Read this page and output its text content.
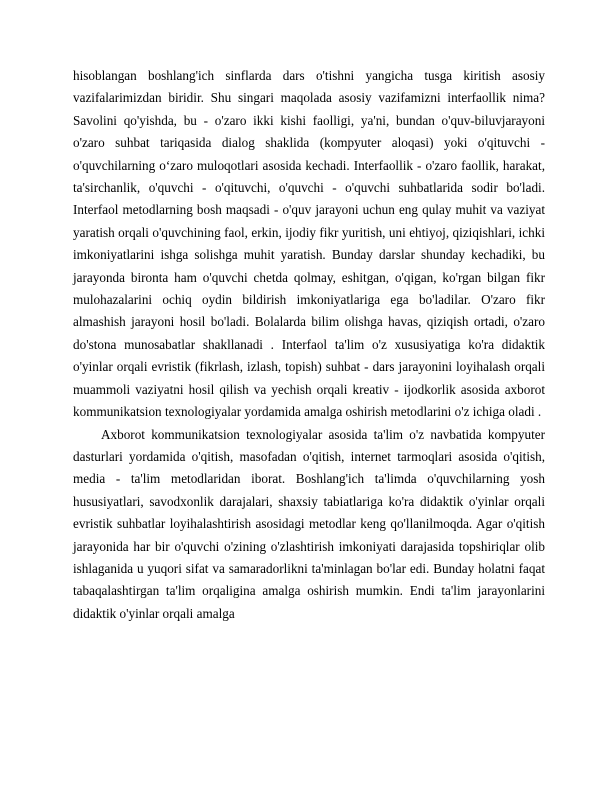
hisoblangan boshlang'ich sinflarda dars o'tishni yangicha tusga kiritish asosiy vazifalarimizdan biridir. Shu singari maqolada asosiy vazifamizni interfaollik nima? Savolini qo'yishda, bu - o'zaro ikki kishi faolligi, ya'ni, bundan o'quv-biluvjarayoni o'zaro suhbat tariqasida dialog shaklida (kompyuter aloqasi) yoki o'qituvchi - o'quvchilarning o‘zaro muloqotlari asosida kechadi. Interfaollik - o'zaro faollik, harakat, ta'sirchanlik, o'quvchi - o'qituvchi, o'quvchi - o'quvchi suhbatlarida sodir bo'ladi. Interfaol metodlarning bosh maqsadi - o'quv jarayoni uchun eng qulay muhit va vaziyat yaratish orqali o'quvchining faol, erkin, ijodiy fikr yuritish, uni ehtiyoj, qiziqishlari, ichki imkoniyatlarini ishga solishga muhit yaratish. Bunday darslar shunday kechadiki, bu jarayonda bironta ham o'quvchi chetda qolmay, eshitgan, o'qigan, ko'rgan bilgan fikr mulohazalarini ochiq oydin bildirish imkoniyatlariga ega bo'ladilar. O'zaro fikr almashish jarayoni hosil bo'ladi. Bolalarda bilim olishga havas, qiziqish ortadi, o'zaro do'stona munosabatlar shakllanadi . Interfaol ta'lim o'z xususiyatiga ko'ra didaktik o'yinlar orqali evristik (fikrlash, izlash, topish) suhbat - dars jarayonini loyihalash orqali muammoli vaziyatni hosil qilish va yechish orqali kreativ - ijodkorlik asosida axborot kommunikatsion texnologiyalar yordamida amalga oshirish metodlarini o'z ichiga oladi .

Axborot kommunikatsion texnologiyalar asosida ta'lim o'z navbatida kompyuter dasturlari yordamida o'qitish, masofadan o'qitish, internet tarmoqlari asosida o'qitish, media - ta'lim metodlaridan iborat. Boshlang'ich ta'limda o'quvchilarning yosh hususiyatlari, savodxonlik darajalari, shaxsiy tabiatlariga ko'ra didaktik o'yinlar orqali evristik suhbatlar loyihalashtirish asosidagi metodlar keng qo'llanilmoqda. Agar o'qitish jarayonida har bir o'quvchi o'zining o'zlashtirish imkoniyati darajasida topshiriqlar olib ishlaganida u yuqori sifat va samaradorlikni ta'minlagan bo'lar edi. Bunday holatni faqat tabaqalashtirgan ta'lim orqaligina amalga oshirish mumkin. Endi ta'lim jarayonlarini didaktik o'yinlar orqali amalga
